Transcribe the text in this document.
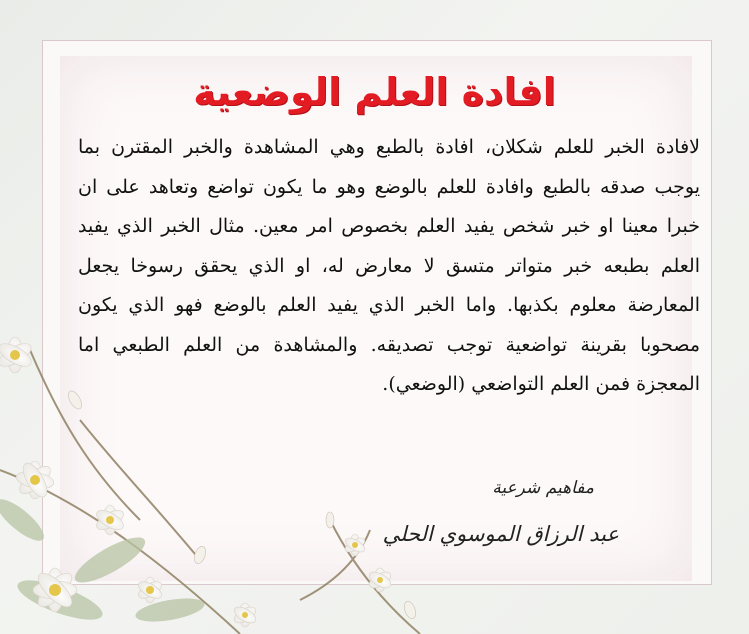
افادة العلم الوضعية

لافادة الخبر للعلم شكلان، افادة بالطبع وهي المشاهدة والخبر المقترن بما يوجب صدقه بالطبع وافادة للعلم بالوضع وهو ما يكون تواضع وتعاهد على ان خبرا معينا او خبر شخص يفيد العلم بخصوص امر معين. مثال الخبر الذي يفيد العلم بطبعه خبر متواتر متسق لا معارض له، او الذي يحقق رسوخا يجعل المعارضة معلوم بكذبها. واما الخبر الذي يفيد العلم بالوضع فهو الذي يكون مصحوبا بقرينة تواضعية توجب تصديقه. والمشاهدة من العلم الطبعي اما المعجزة فمن العلم التواضعي (الوضعي).

مفاهيم شرعية
عبد الرزاق الموسوي الحلي
